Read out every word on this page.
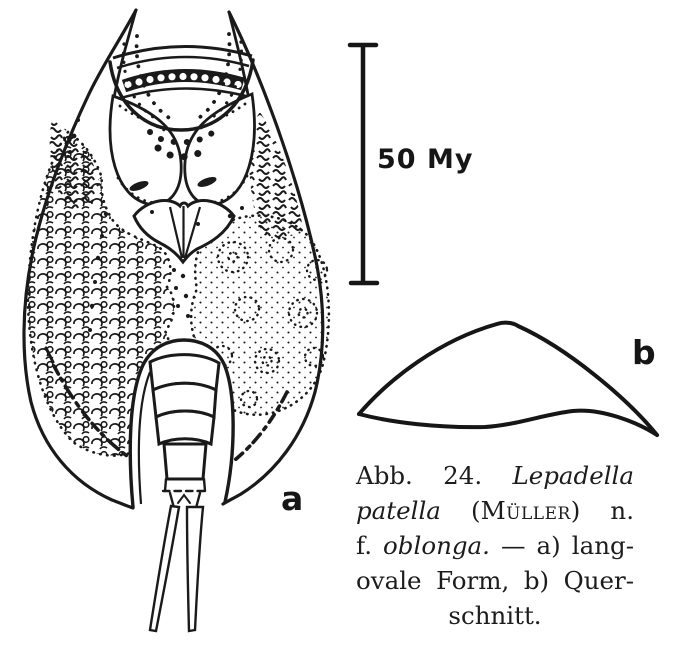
50 My
a
b
Abb. 24. Lepadella
patella (Müller) n.
f. oblonga. — a) lang-
ovale Form, b) Quer-
schnitt.
